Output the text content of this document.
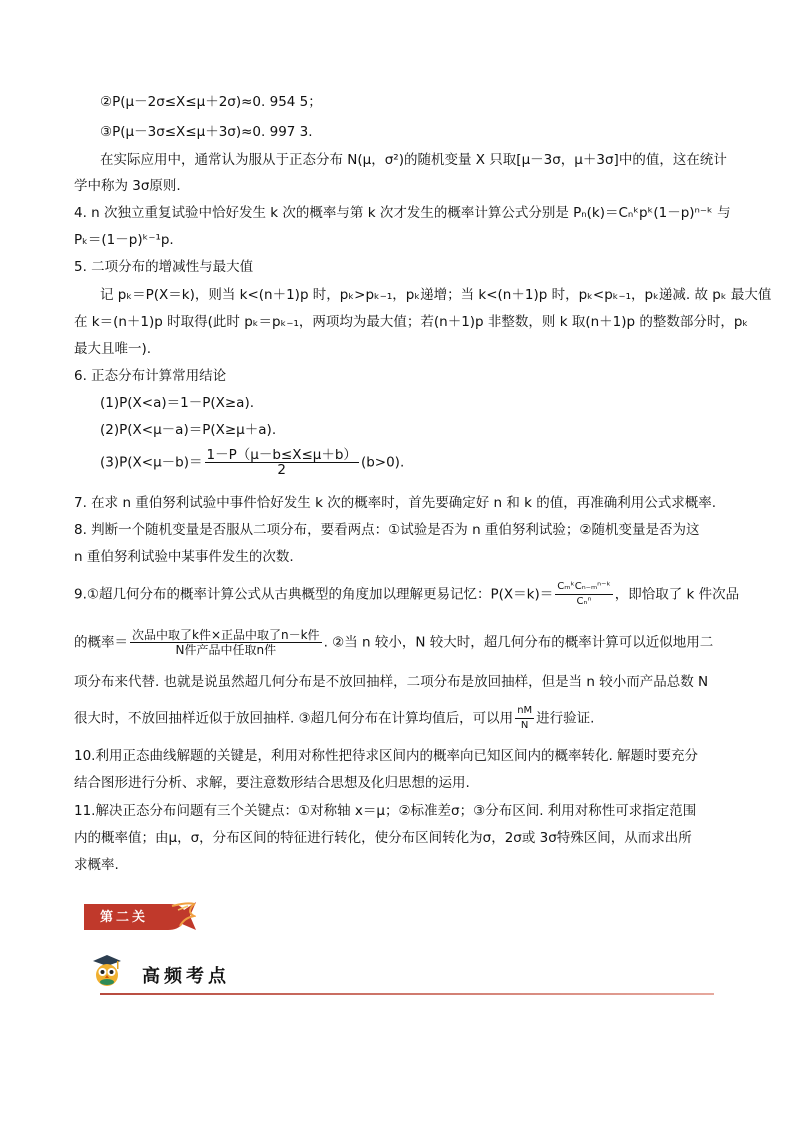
②P(μ－2σ≤X≤μ＋2σ)≈0. 954 5；
③P(μ－3σ≤X≤μ＋3σ)≈0. 997 3.
在实际应用中，通常认为服从于正态分布 N(μ，σ²)的随机变量 X 只取[μ－3σ，μ＋3σ]中的值，这在统计
学中称为 3σ原则.
4. n 次独立重复试验中恰好发生 k 次的概率与第 k 次才发生的概率计算公式分别是 Pₙ(k)＝Cₙᵏpᵏ(1－p)ⁿ⁻ᵏ 与
Pₖ＝(1－p)ᵏ⁻¹p.
5. 二项分布的增减性与最大值
记 pₖ＝P(X＝k)，则当 k<(n＋1)p 时，pₖ>pₖ₋₁，pₖ递增；当 k<(n＋1)p 时，pₖ<pₖ₋₁，pₖ递减. 故 pₖ 最大值
在 k＝(n＋1)p 时取得(此时 pₖ＝pₖ₋₁，两项均为最大值；若(n＋1)p 非整数，则 k 取(n＋1)p 的整数部分时，pₖ
最大且唯一).
6. 正态分布计算常用结论
(1)P(X<a)＝1－P(X≥a).
(2)P(X<μ－a)＝P(X≥μ＋a).
$(3)P(X<\mu-b)= \frac{1-P(\mu-b\le X\le\mu+b)}{2} (b>0)$.
7. 在求 n 重伯努利试验中事件恰好发生 k 次的概率时，首先要确定好 n 和 k 的值，再准确利用公式求概率.
8. 判断一个随机变量是否服从二项分布，要看两点：①试验是否为 n 重伯努利试验；②随机变量是否为这
n 重伯努利试验中某事件发生的次数.
9.①超几何分布的概率计算公式从古典概型的角度加以理解更易记忆：$P(X=k)= \frac{\text{CₘᵏCₙ₋ₘⁿ⁻ᵏ}}{\text{Cₙⁿ}}$ ，即恰取了 k 件次品
的概率＝ $\frac{\text{次品中取了k件×正品中取了n－k件}}{\text{N件产品中任取n件}}$ . ②当 n 较小，N 较大时，超几何分布的概率计算可以近似地用二
项分布来代替. 也就是说虽然超几何分布是不放回抽样，二项分布是放回抽样，但是当 n 较小而产品总数 N
很大时，不放回抽样近似于放回抽样. ③超几何分布在计算均值后，可以用 $\frac{nM}{N}$ 进行验证.
10.利用正态曲线解题的关键是，利用对称性把待求区间内的概率向已知区间内的概率转化. 解题时要充分
结合图形进行分析、求解，要注意数形结合思想及化归思想的运用.
11.解决正态分布问题有三个关键点：①对称轴 x＝μ；②标准差σ；③分布区间. 利用对称性可求指定范围
内的概率值；由μ，σ，分布区间的特征进行转化，使分布区间转化为σ，2σ或 3σ特殊区间，从而求出所
求概率.
第二关
高频考点
